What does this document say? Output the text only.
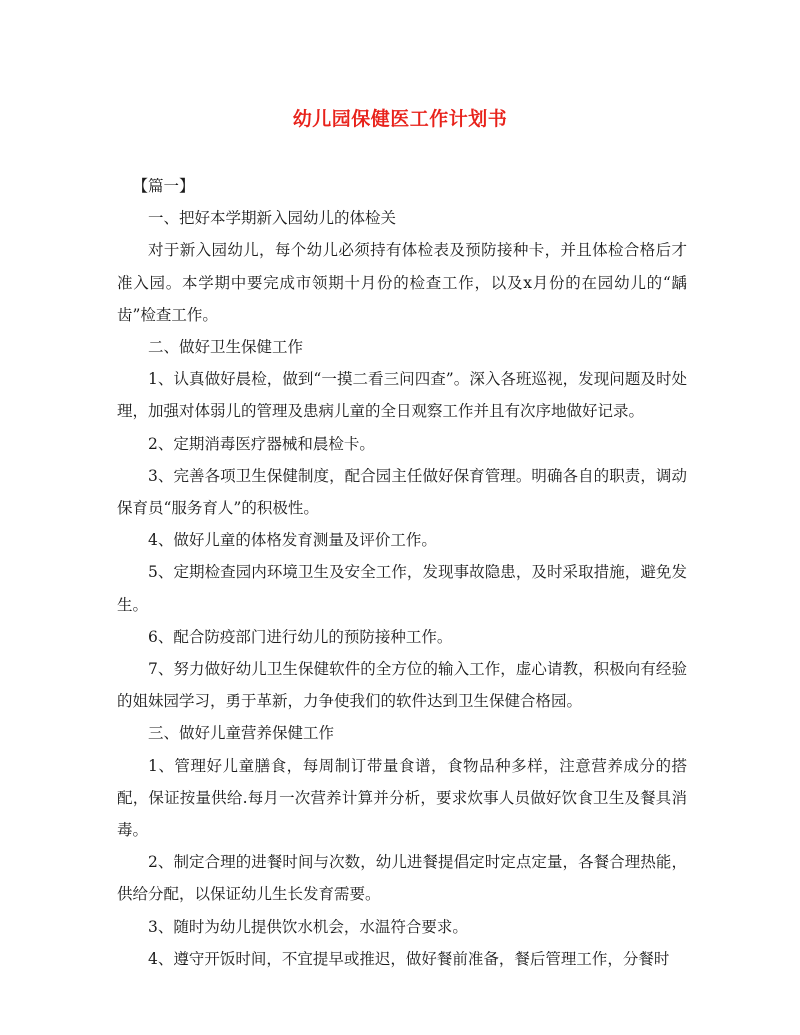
幼儿园保健医工作计划书

【篇一】

一、把好本学期新入园幼儿的体检关

对于新入园幼儿，每个幼儿必须持有体检表及预防接种卡，并且体检合格后才准入园。本学期中要完成市领期十月份的检查工作，以及x月份的在园幼儿的“龋齿”检查工作。

二、做好卫生保健工作

1、认真做好晨检，做到“一摸二看三问四查”。深入各班巡视，发现问题及时处理，加强对体弱儿的管理及患病儿童的全日观察工作并且有次序地做好记录。

2、定期消毒医疗器械和晨检卡。

3、完善各项卫生保健制度，配合园主任做好保育管理。明确各自的职责，调动保育员“服务育人”的积极性。

4、做好儿童的体格发育测量及评价工作。

5、定期检查园内环境卫生及安全工作，发现事故隐患，及时采取措施，避免发生。

6、配合防疫部门进行幼儿的预防接种工作。

7、努力做好幼儿卫生保健软件的全方位的输入工作，虚心请教，积极向有经验的姐妹园学习，勇于革新，力争使我们的软件达到卫生保健合格园。

三、做好儿童营养保健工作

1、管理好儿童膳食，每周制订带量食谱，食物品种多样，注意营养成分的搭配，保证按量供给.每月一次营养计算并分析，要求炊事人员做好饮食卫生及餐具消毒。

2、制定合理的进餐时间与次数，幼儿进餐提倡定时定点定量，各餐合理热能，供给分配，以保证幼儿生长发育需要。

3、随时为幼儿提供饮水机会，水温符合要求。

4、遵守开饭时间，不宜提早或推迟，做好餐前准备，餐后管理工作，分餐时
